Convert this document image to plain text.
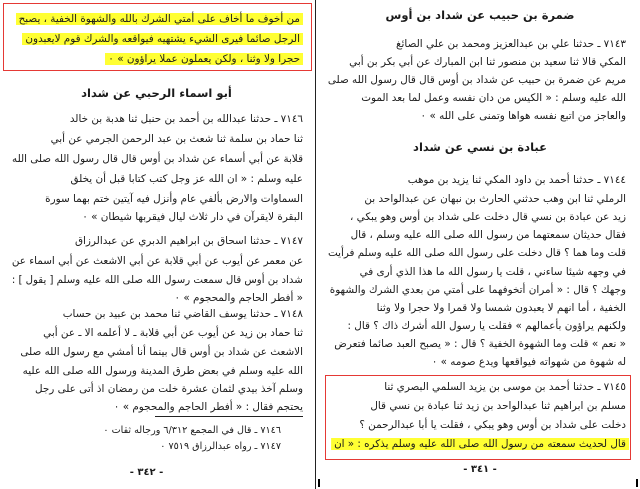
من أخوف ما أخاف على أمتي الشرك بالله والشهوة الخفية ، يصبح
الرجل صائما فيرى الشيء يشتهيه فيواقعه والشرك قوم لايعبدون
حجرا ولا وثنا ، ولكن يعملون عملا يراؤون » ٠
أبو اسماء الرحبي عن شداد
٧١٤٦ ـ حدثنا عبدالله بن أحمد بن حنبل ثنا هدبة بن خالد
ثنا حماد بن سلمة ثنا شعث بن عبد الرحمن الجرمي عن أبي
قلابة عن أبي أسماء عن شداد بن أوس قال قال رسول الله صلى الله
عليه وسلم : « ان الله عز وجل كتب كتابا قبل أن يخلق
السماوات والارض بألفي عام وأنزل فيه آيتين ختم بهما سورة
البقرة لايقرآن في دار ثلاث ليال فيقربها شيطان » ٠
٧١٤٧ ـ حدثنا اسحاق بن ابراهيم الدبري عن عبدالرزاق
عن معمر عن أيوب عن أبي قلابة عن أبي الاشعث عن أبي اسماء عن
شداد بن أوس قال سمعت رسول الله صلى الله عليه وسلم [ يقول ] :
« أفطر الحاجم والمحجوم » ٠
٧١٤٨ ـ حدثنا يوسف القاضي ثنا محمد بن عبيد بن حساب
ثنا حماد بن زيد عن أيوب عن أبي قلابة ـ لا أعلمه الا ـ عن أبي
الاشعث عن شداد بن أوس قال بينما أنا أمشي مع رسول الله صلى
الله عليه وسلم في بعض طرق المدينة ورسول الله صلى الله عليه
وسلم آخذ بيدي لثمان عشرة خلت من رمضان اذ أتى على رجل
يحتجم فقال : « أفطر الحاجم والمحجوم » ٠
٧١٤٦ ـ قال في المجمع ٦/٣١٢ ورجاله ثقات ٠
٧١٤٧ ـ رواه عبدالرزاق ٧٥١٩ ٠
- ٣٤٢ -
ضمرة بن حبيب عن شداد بن أوس
٧١٤٣ ـ حدثنا علي بن عبدالعزيز ومحمد بن علي الصائغ
المكي قالا ثنا سعيد بن منصور ثنا ابن المبارك عن أبي بكر بن أبي
مريم عن ضمرة بن حبيب عن شداد بن أوس قال قال رسول الله صلى
الله عليه وسلم : « الكيس من دان نفسه وعمل لما بعد الموت
والعاجز من اتبع نفسه هواها وتمنى على الله » ٠
عبادة بن نسي عن شداد
٧١٤٤ ـ حدثنا أحمد بن داود المكي ثنا يزيد بن موهب
الرملي ثنا ابن وهب حدثني الحارث بن نبهان عن عبدالواحد بن
زيد عن عبادة بن نسي قال دخلت على شداد بن أوس وهو يبكي ،
فقال حديثان سمعتهما من رسول الله صلى الله عليه وسلم ، قال
قلت وما هما ؟ قال دخلت على رسول الله صلى الله عليه وسلم فرأيت
في وجهه شيئا ساءني ، قلت يا رسول الله ما هذا الذي أرى في
وجهك ؟ قال : « أمران أتخوفهما على أمتي من بعدي الشرك والشهوة
الخفية ، أما انهم لا يعبدون شمسا ولا قمرا ولا حجرا ولا وثنا
ولكنهم يراؤون بأعمالهم » فقلت يا رسول الله أشرك ذاك ؟ قال :
« نعم » قلت وما الشهوة الخفية ؟ قال : « يصبح العبد صائما فتعرض
له شهوة من شهواته فيواقعها ويدع صومه » ٠
٧١٤٥ ـ حدثنا أحمد بن موسى بن يزيد السلمي البصري ثنا
مسلم بن ابراهيم ثنا عبدالواحد بن زيد ثنا عبادة بن نسي قال
دخلت على شداد بن أوس وهو يبكي ، فقلت يا أبا عبدالرحمن ؟
قال لحديث سمعته من رسول الله صلى الله عليه وسلم يذكره : « ان
- ٣٤١ -
